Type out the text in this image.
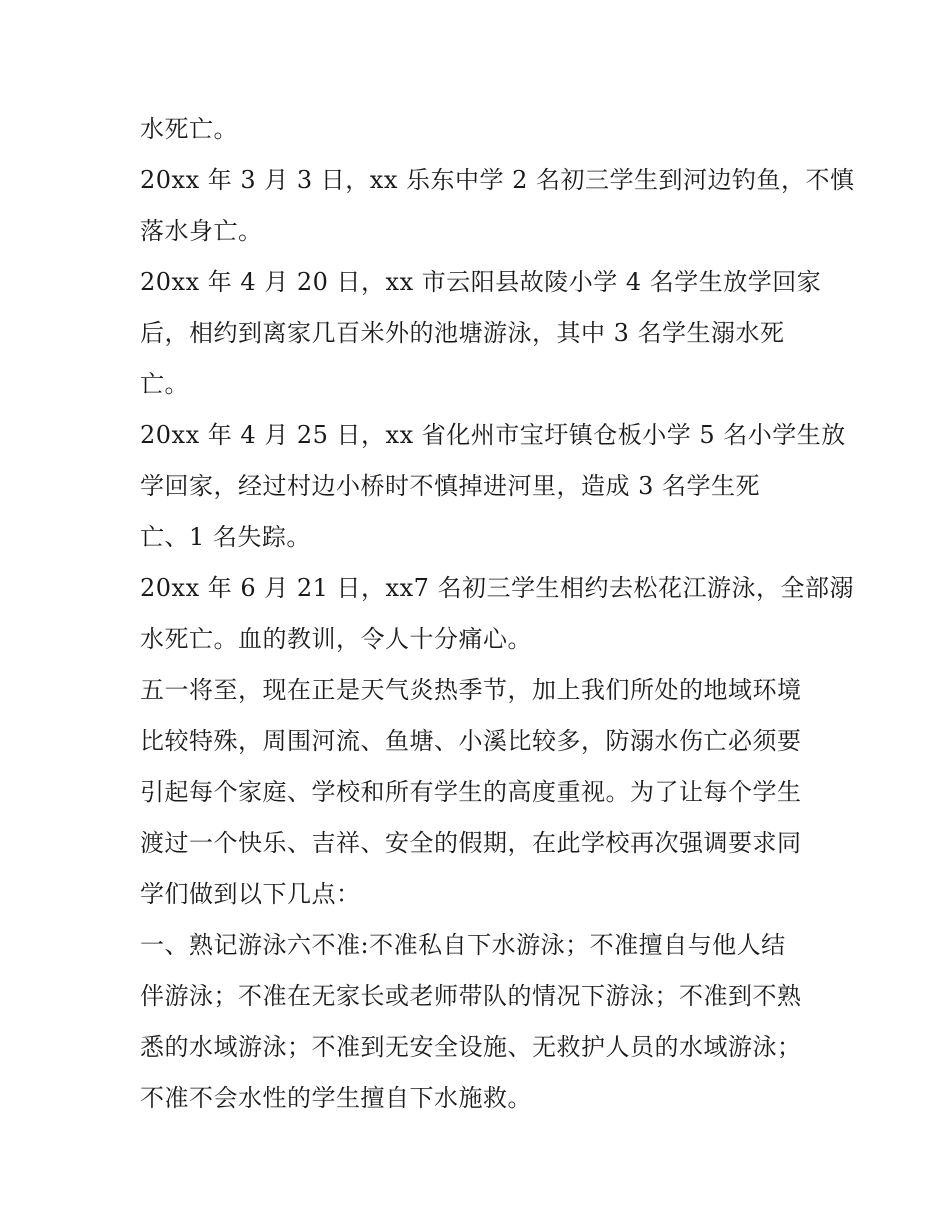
水死亡。
20xx 年 3 月 3 日，xx 乐东中学 2 名初三学生到河边钓鱼，不慎
落水身亡。
20xx 年 4 月 20 日，xx 市云阳县故陵小学 4 名学生放学回家
后，相约到离家几百米外的池塘游泳，其中 3 名学生溺水死
亡。
20xx 年 4 月 25 日，xx 省化州市宝圩镇仓板小学 5 名小学生放
学回家，经过村边小桥时不慎掉进河里，造成 3 名学生死
亡、1 名失踪。
20xx 年 6 月 21 日，xx7 名初三学生相约去松花江游泳，全部溺
水死亡。血的教训，令人十分痛心。
五一将至，现在正是天气炎热季节，加上我们所处的地域环境
比较特殊，周围河流、鱼塘、小溪比较多，防溺水伤亡必须要
引起每个家庭、学校和所有学生的高度重视。为了让每个学生
渡过一个快乐、吉祥、安全的假期，在此学校再次强调要求同
学们做到以下几点：
一、熟记游泳六不准:不准私自下水游泳；不准擅自与他人结
伴游泳；不准在无家长或老师带队的情况下游泳；不准到不熟
悉的水域游泳；不准到无安全设施、无救护人员的水域游泳；
不准不会水性的学生擅自下水施救。
